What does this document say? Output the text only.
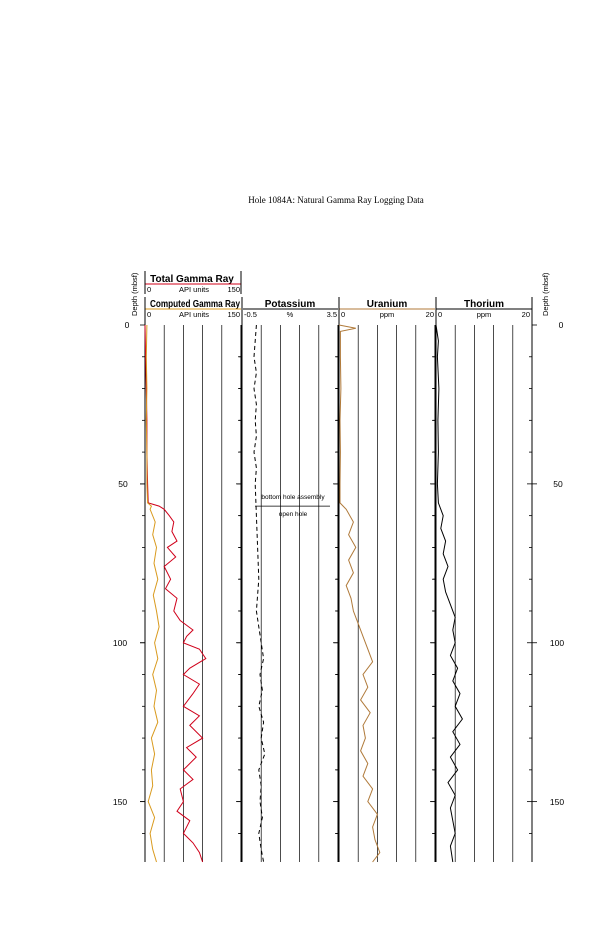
Hole 1084A: Natural Gamma Ray Logging Data
Depth (mbsf)	Depth (mbsf)
0
50
100
150
0
50
100
150
Total Gamma Ray
0	API units 150
Computed Gamma Ray
0	API units 150
Potassium
-0.5	%	3.5
Uranium
0	ppm	20
Thorium
0	ppm	20
bottom hole assembly
open hole
